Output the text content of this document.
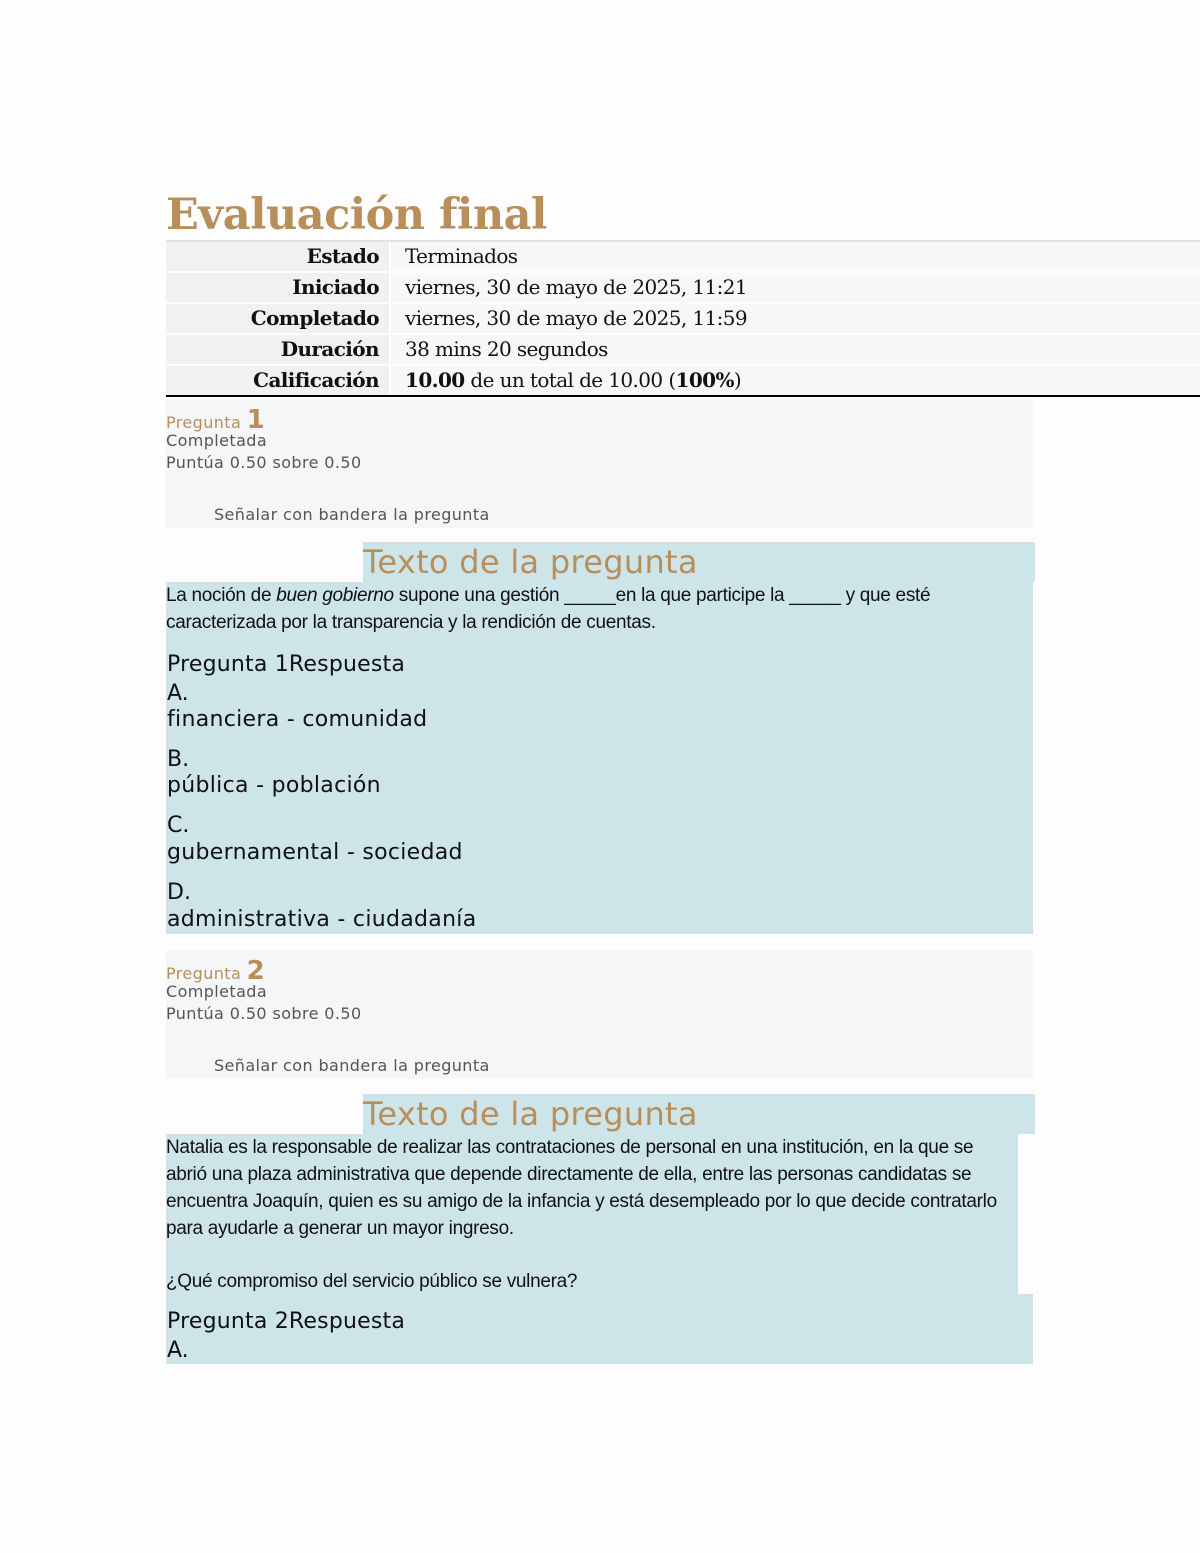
Evaluación final
Estado	Terminados
Iniciado	viernes, 30 de mayo de 2025, 11:21
Completado	viernes, 30 de mayo de 2025, 11:59
Duración	38 mins 20 segundos
Calificación	10.00 de un total de 10.00 (100%)
Pregunta 1
Completada
Puntúa 0.50 sobre 0.50
Señalar con bandera la pregunta
Texto de la pregunta

La noción de buen gobierno supone una gestión _____en la que participe la _____ y que esté caracterizada por la transparencia y la rendición de cuentas.

Pregunta 1Respuesta
A.
financiera - comunidad
B.
pública - población
C.
gubernamental - sociedad
D.
administrativa - ciudadanía
Pregunta 2
Completada
Puntúa 0.50 sobre 0.50
Señalar con bandera la pregunta
Texto de la pregunta

Natalia es la responsable de realizar las contrataciones de personal en una institución, en la que se abrió una plaza administrativa que depende directamente de ella, entre las personas candidatas se encuentra Joaquín, quien es su amigo de la infancia y está desempleado por lo que decide contratarlo para ayudarle a generar un mayor ingreso.

¿Qué compromiso del servicio público se vulnera?

Pregunta 2Respuesta
A.
